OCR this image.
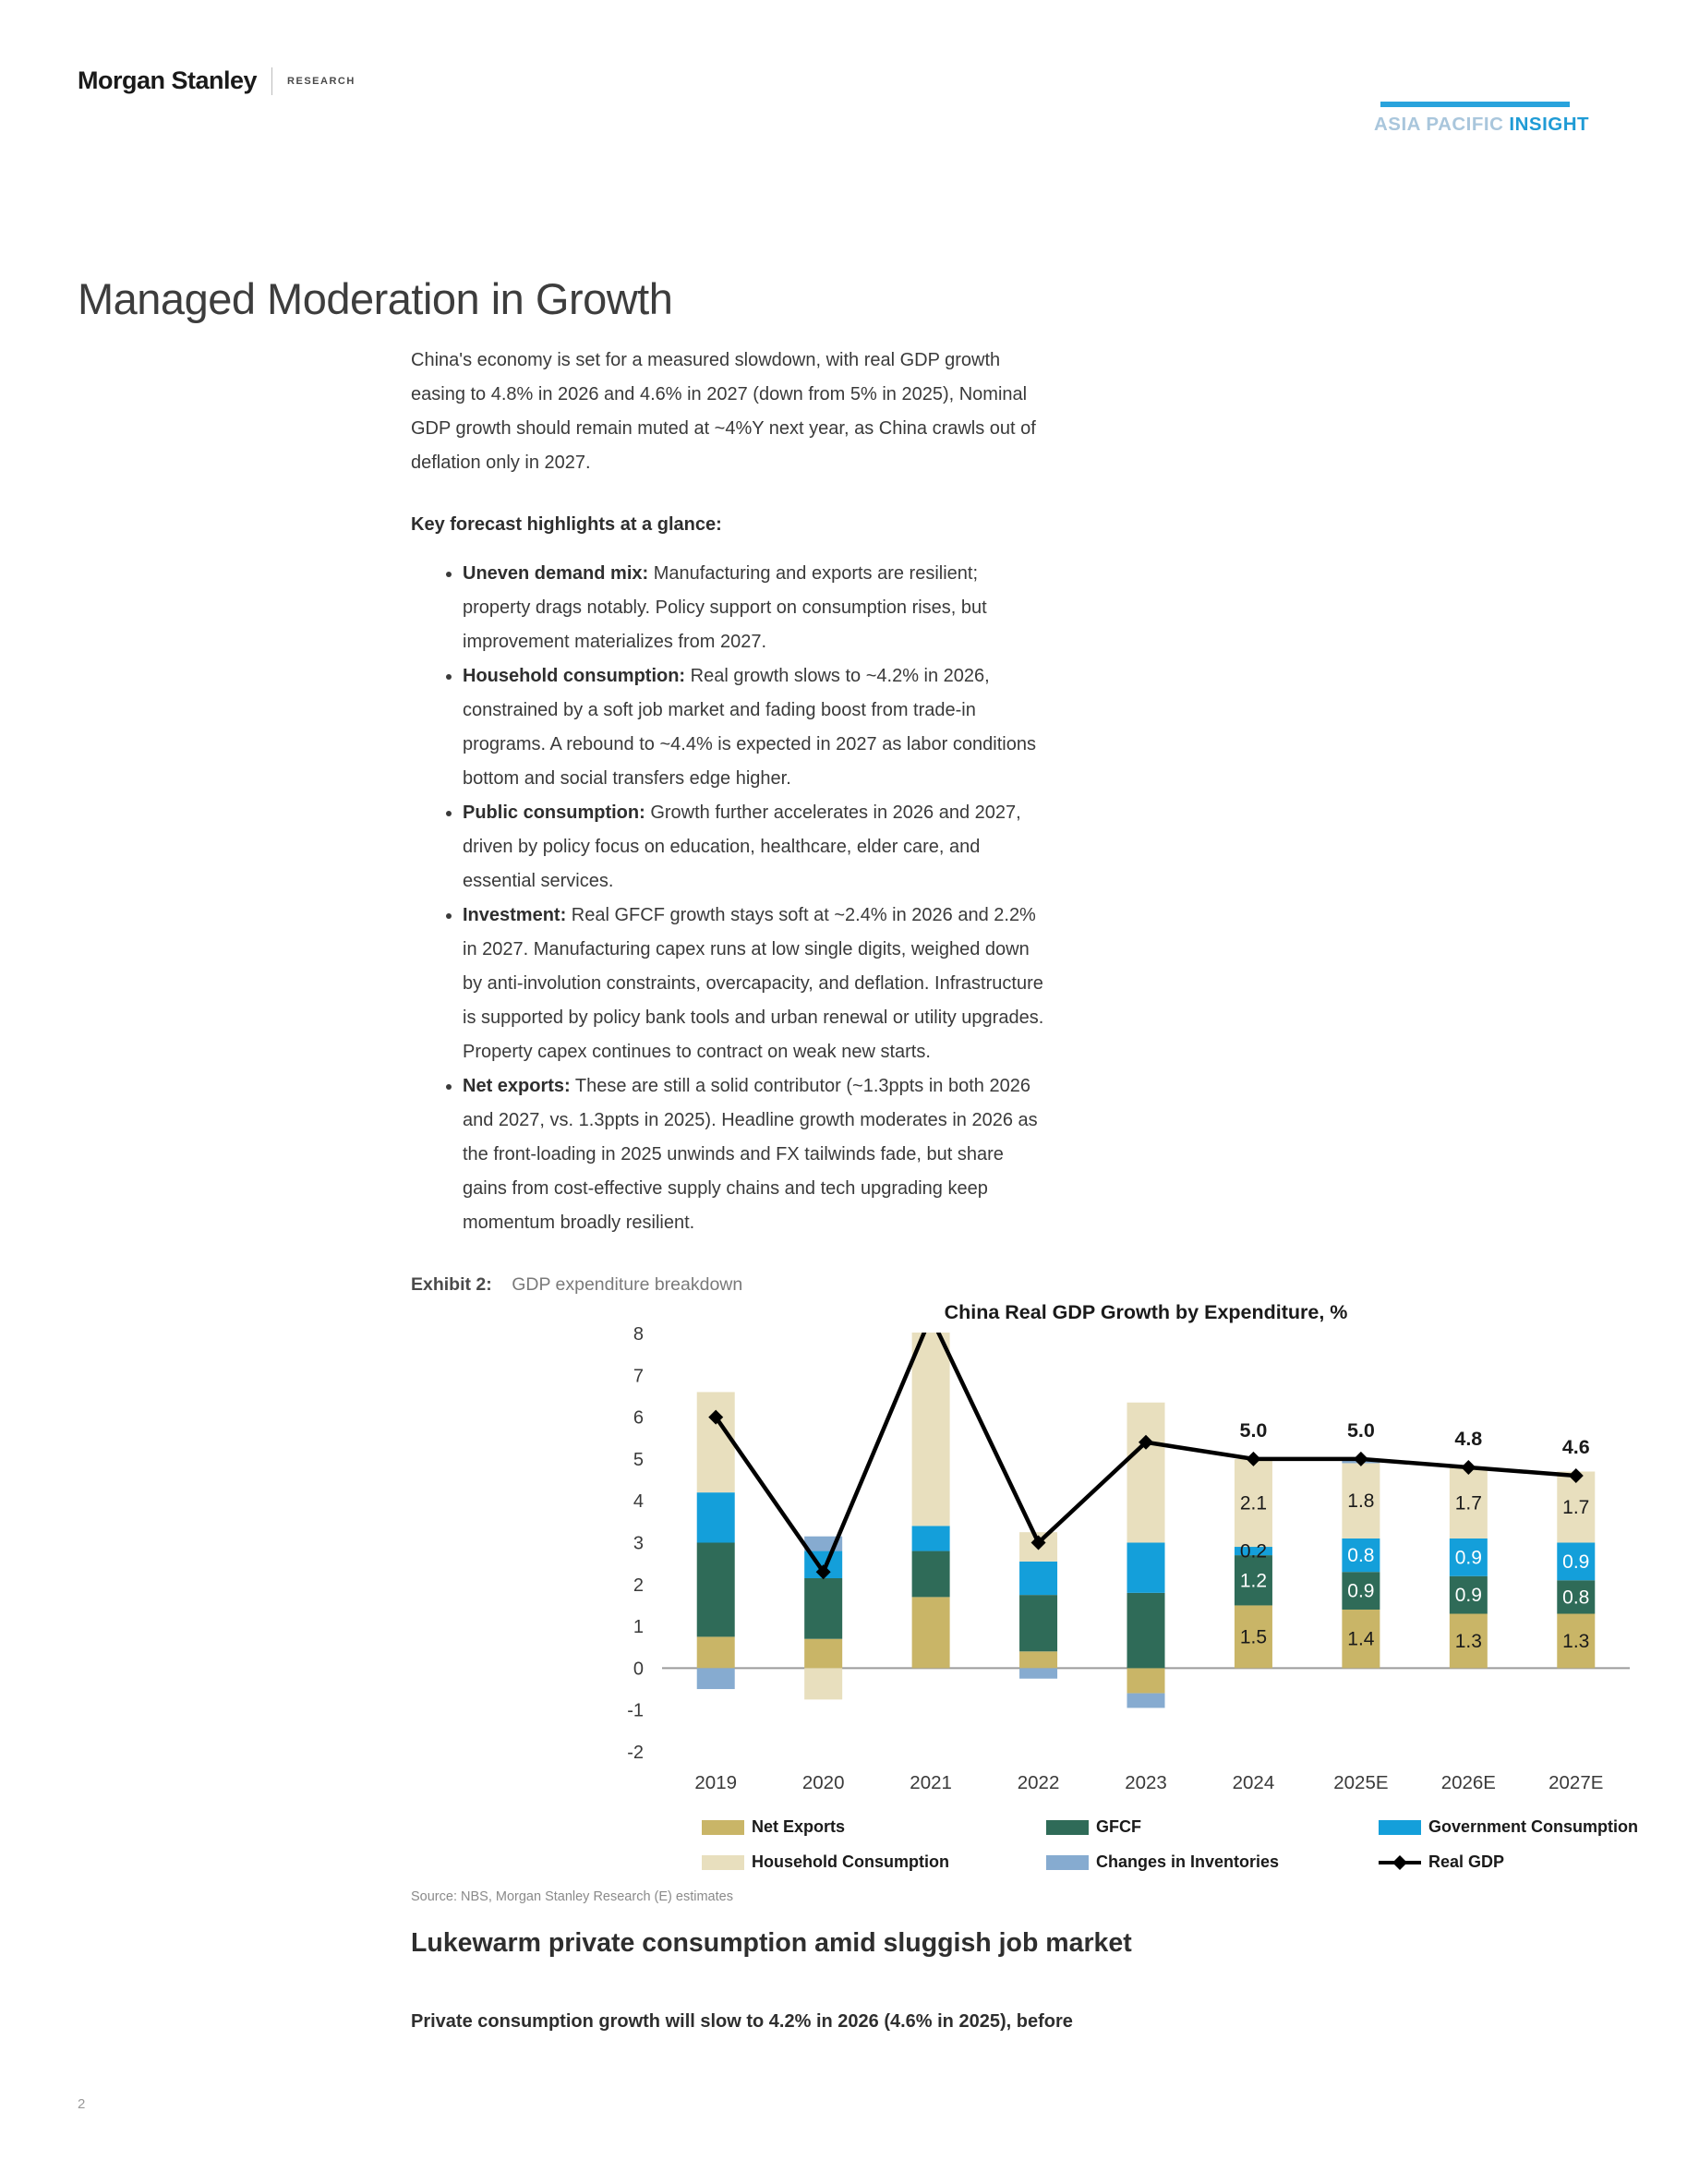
Morgan Stanley	RESEARCH
ASIA PACIFIC INSIGHT
Managed Moderation in Growth

China's economy is set for a measured slowdown, with real GDP growth easing to 4.8% in 2026 and 4.6% in 2027 (down from 5% in 2025), Nominal GDP growth should remain muted at ~4%Y next year, as China crawls out of deflation only in 2027.

Key forecast highlights at a glance:

• Uneven demand mix: Manufacturing and exports are resilient; property drags notably. Policy support on consumption rises, but improvement materializes from 2027.
• Household consumption: Real growth slows to ~4.2% in 2026, constrained by a soft job market and fading boost from trade-in programs. A rebound to ~4.4% is expected in 2027 as labor conditions bottom and social transfers edge higher.
• Public consumption: Growth further accelerates in 2026 and 2027, driven by policy focus on education, healthcare, elder care, and essential services.
• Investment: Real GFCF growth stays soft at ~2.4% in 2026 and 2.2% in 2027. Manufacturing capex runs at low single digits, weighed down by anti-involution constraints, overcapacity, and deflation. Infrastructure is supported by policy bank tools and urban renewal or utility upgrades. Property capex continues to contract on weak new starts.
• Net exports: These are still a solid contributor (~1.3ppts in both 2026 and 2027, vs. 1.3ppts in 2025). Headline growth moderates in 2026 as the front-loading in 2025 unwinds and FX tailwinds fade, but share gains from cost-effective supply chains and tech upgrading keep momentum broadly resilient.
Exhibit 2: GDP expenditure breakdown
China Real GDP Growth by Expenditure, %
8
7
6
5
4
3
2
1
0
-1
-2
1.5
1.2
0.2
2.1
1.4
0.9
0.8
1.8
1.3
0.9
0.9
1.7
1.3
0.8
0.9
1.7
5.0	5.0	4.8	4.6
2019	2020	2021	2022	2023	2024	2025E	2026E	2027E
Net Exports	GFCF	Government Consumption
Household Consumption	Changes in Inventories	Real GDP
Source: NBS, Morgan Stanley Research (E) estimates
Lukewarm private consumption amid sluggish job market
Private consumption growth will slow to 4.2% in 2026 (4.6% in 2025), before
2
